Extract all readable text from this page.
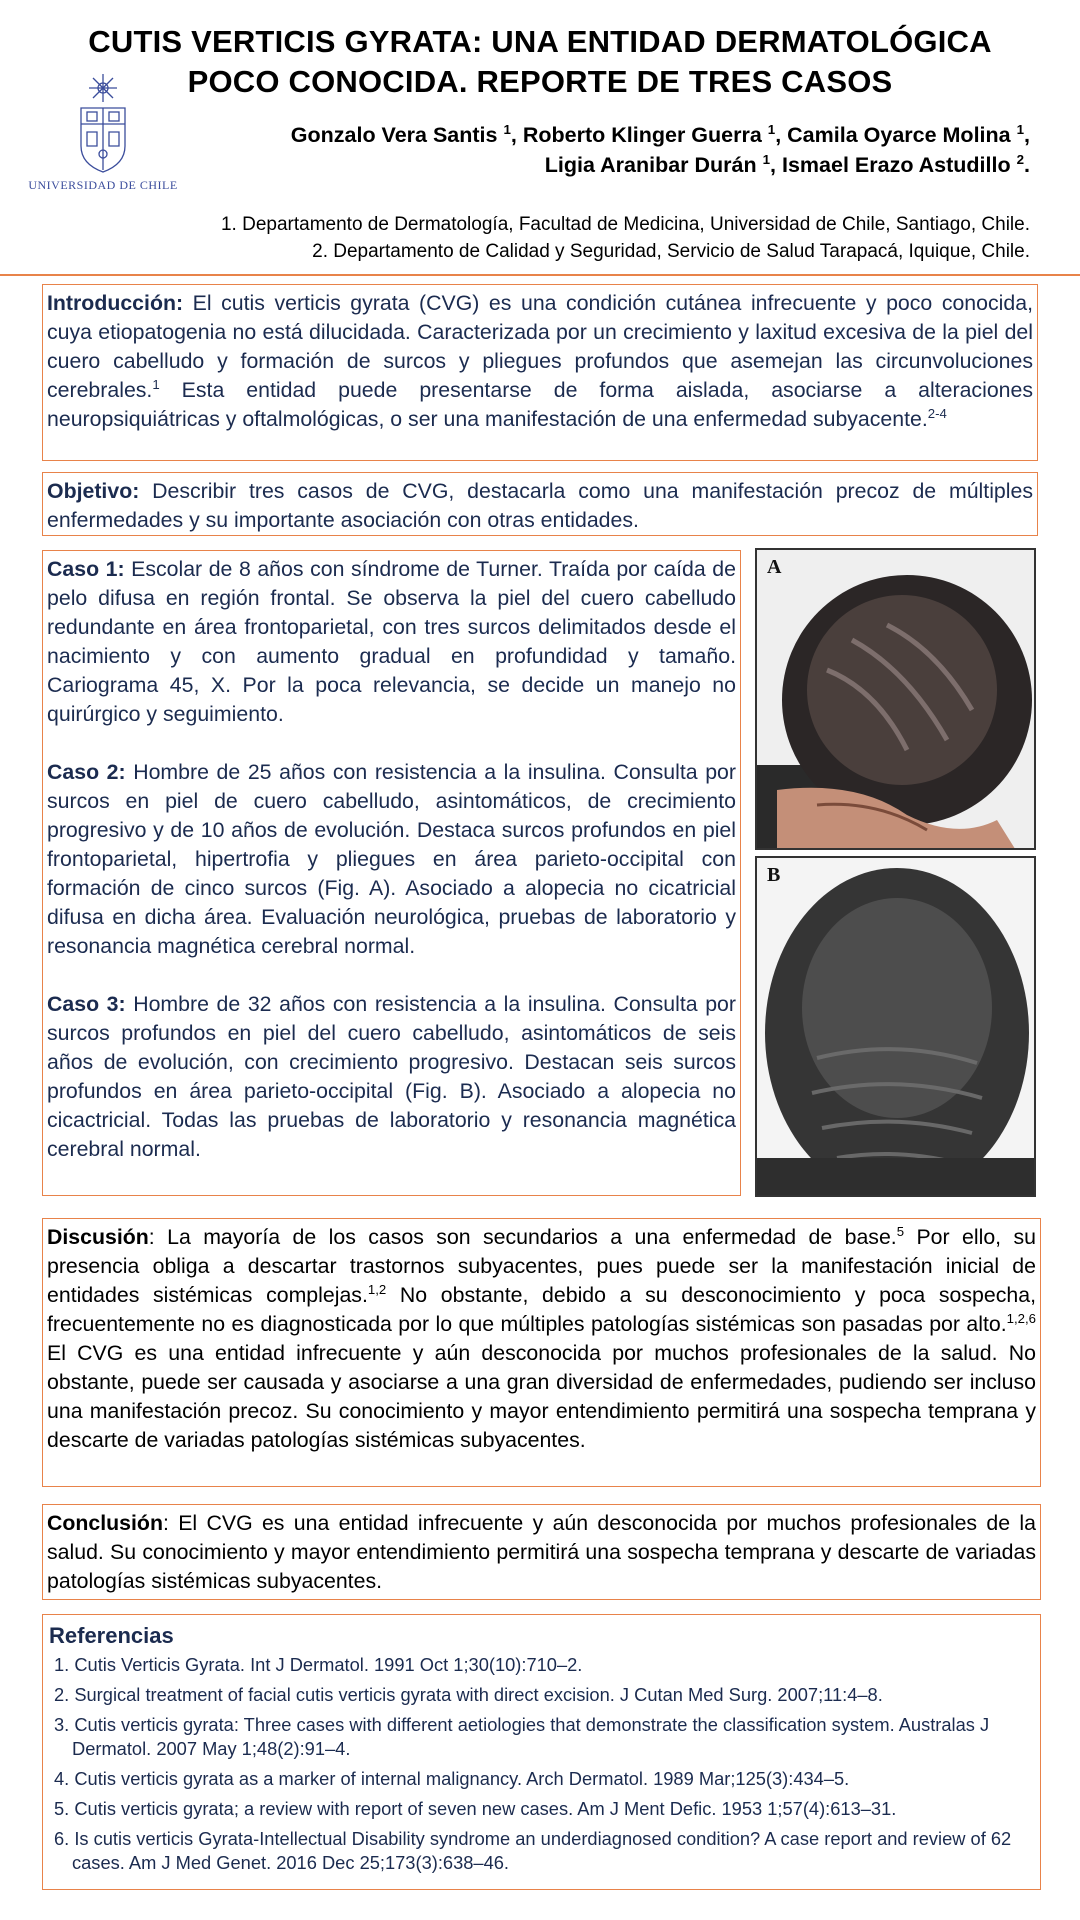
CUTIS VERTICIS GYRATA: UNA ENTIDAD DERMATOLÓGICA
POCO CONOCIDA. REPORTE DE TRES CASOS
UNIVERSIDAD DE CHILE
Gonzalo Vera Santis $^1$, Roberto Klinger Guerra $^1$, Camila Oyarce Molina $^1$,
Ligia Aranibar Durán $^1$, Ismael Erazo Astudillo $^2$.
1. Departamento de Dermatología, Facultad de Medicina, Universidad de Chile, Santiago, Chile.
2. Departamento de Calidad y Seguridad, Servicio de Salud Tarapacá, Iquique, Chile.

Introducción: El cutis verticis gyrata (CVG) es una condición cutánea infrecuente y poco conocida, cuya etiopatogenia no está dilucidada. Caracterizada por un crecimiento y laxitud excesiva de la piel del cuero cabelludo y formación de surcos y pliegues profundos que asemejan las circunvoluciones cerebrales.$^1$ Esta entidad puede presentarse de forma aislada, asociarse a alteraciones neuropsiquiátricas y oftalmológicas, o ser una manifestación de una enfermedad subyacente.$^{2-4}$

Objetivo: Describir tres casos de CVG, destacarla como una manifestación precoz de múltiples enfermedades y su importante asociación con otras entidades.

Caso 1: Escolar de 8 años con síndrome de Turner. Traída por caída de pelo difusa en región frontal. Se observa la piel del cuero cabelludo redundante en área frontoparietal, con tres surcos delimitados desde el nacimiento y con aumento gradual en profundidad y tamaño. Cariograma 45, X. Por la poca relevancia, se decide un manejo no quirúrgico y seguimiento.

Caso 2: Hombre de 25 años con resistencia a la insulina. Consulta por surcos en piel de cuero cabelludo, asintomáticos, de crecimiento progresivo y de 10 años de evolución. Destaca surcos profundos en piel frontoparietal, hipertrofia y pliegues en área parieto-occipital con formación de cinco surcos (Fig. A). Asociado a alopecia no cicatricial difusa en dicha área. Evaluación neurológica, pruebas de laboratorio y resonancia magnética cerebral normal.

Caso 3: Hombre de 32 años con resistencia a la insulina. Consulta por surcos profundos en piel del cuero cabelludo, asintomáticos de seis años de evolución, con crecimiento progresivo. Destacan seis surcos profundos en área parieto-occipital (Fig. B). Asociado a alopecia no cicactricial. Todas las pruebas de laboratorio y resonancia magnética cerebral normal.

A
B

Discusión: La mayoría de los casos son secundarios a una enfermedad de base.$^5$ Por ello, su presencia obliga a descartar trastornos subyacentes, pues puede ser la manifestación inicial de entidades sistémicas complejas.$^{1,2}$ No obstante, debido a su desconocimiento y poca sospecha, frecuentemente no es diagnosticada por lo que múltiples patologías sistémicas son pasadas por alto.$^{1,2,6}$ El CVG es una entidad infrecuente y aún desconocida por muchos profesionales de la salud. No obstante, puede ser causada y asociarse a una gran diversidad de enfermedades, pudiendo ser incluso una manifestación precoz. Su conocimiento y mayor entendimiento permitirá una sospecha temprana y descarte de variadas patologías sistémicas subyacentes.

Conclusión: El CVG es una entidad infrecuente y aún desconocida por muchos profesionales de la salud. Su conocimiento y mayor entendimiento permitirá una sospecha temprana y descarte de variadas patologías sistémicas subyacentes.

Referencias
1. Cutis Verticis Gyrata. Int J Dermatol. 1991 Oct 1;30(10):710–2.
2. Surgical treatment of facial cutis verticis gyrata with direct excision. J Cutan Med Surg. 2007;11:4–8.
3. Cutis verticis gyrata: Three cases with different aetiologies that demonstrate the classification system. Australas J Dermatol. 2007 May 1;48(2):91–4.
4. Cutis verticis gyrata as a marker of internal malignancy. Arch Dermatol. 1989 Mar;125(3):434–5.
5. Cutis verticis gyrata; a review with report of seven new cases. Am J Ment Defic. 1953 1;57(4):613–31.
6. Is cutis verticis Gyrata-Intellectual Disability syndrome an underdiagnosed condition? A case report and review of 62 cases. Am J Med Genet. 2016 Dec 25;173(3):638–46.
